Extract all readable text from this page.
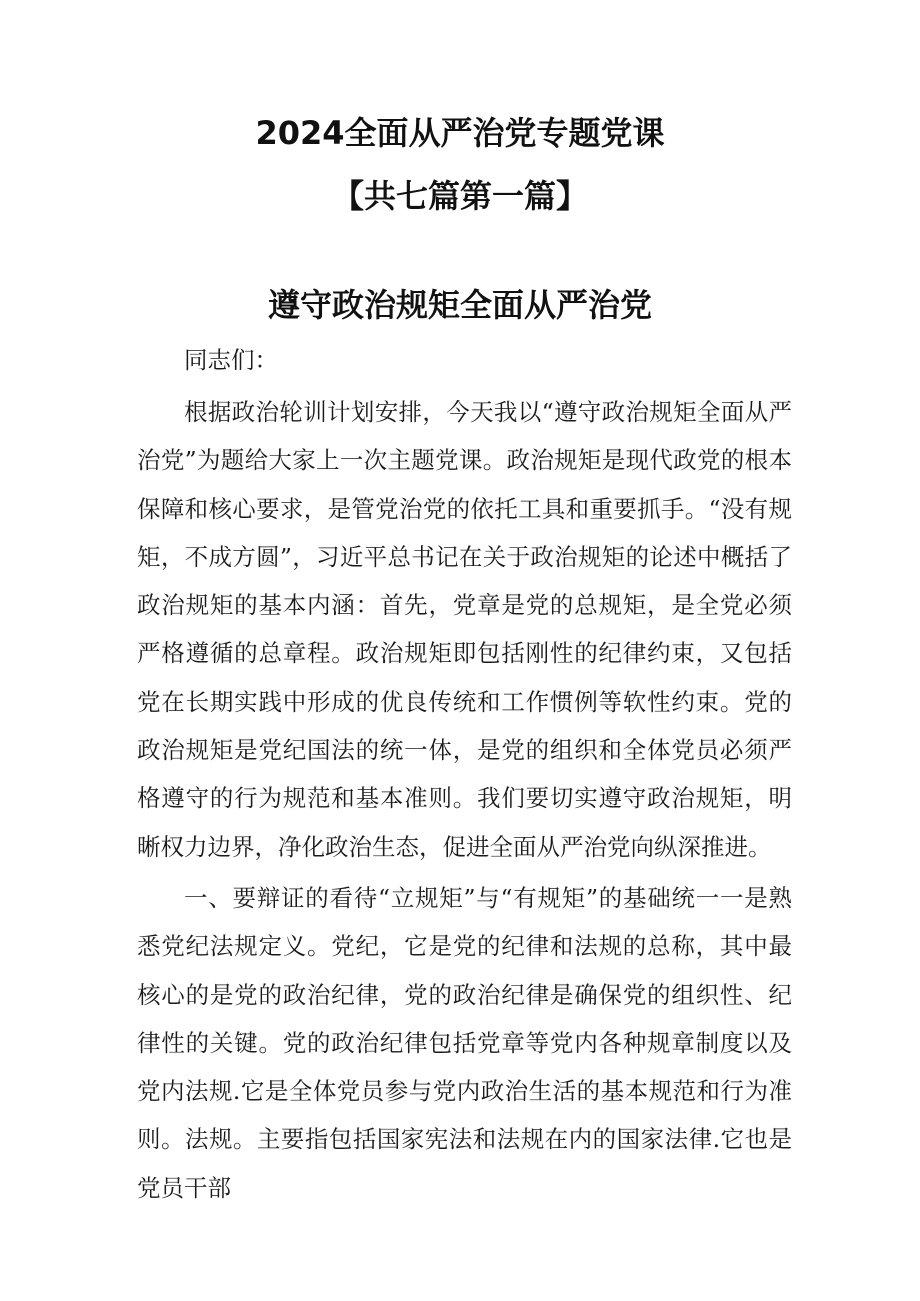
2024全面从严治党专题党课
【共七篇第一篇】
遵守政治规矩全面从严治党
同志们：

根据政治轮训计划安排，今天我以“遵守政治规矩全面从严治党”为题给大家上一次主题党课。政治规矩是现代政党的根本保障和核心要求，是管党治党的依托工具和重要抓手。“没有规矩，不成方圆”，习近平总书记在关于政治规矩的论述中概括了政治规矩的基本内涵：首先，党章是党的总规矩，是全党必须严格遵循的总章程。政治规矩即包括刚性的纪律约束，又包括党在长期实践中形成的优良传统和工作惯例等软性约束。党的政治规矩是党纪国法的统一体，是党的组织和全体党员必须严格遵守的行为规范和基本准则。我们要切实遵守政治规矩，明晰权力边界，净化政治生态，促进全面从严治党向纵深推进。

一、要辩证的看待“立规矩”与“有规矩”的基础统一一是熟悉党纪法规定义。党纪，它是党的纪律和法规的总称，其中最核心的是党的政治纪律，党的政治纪律是确保党的组织性、纪律性的关键。党的政治纪律包括党章等党内各种规章制度以及党内法规.它是全体党员参与党内政治生活的基本规范和行为准则。法规。主要指包括国家宪法和法规在内的国家法律.它也是党员干部
